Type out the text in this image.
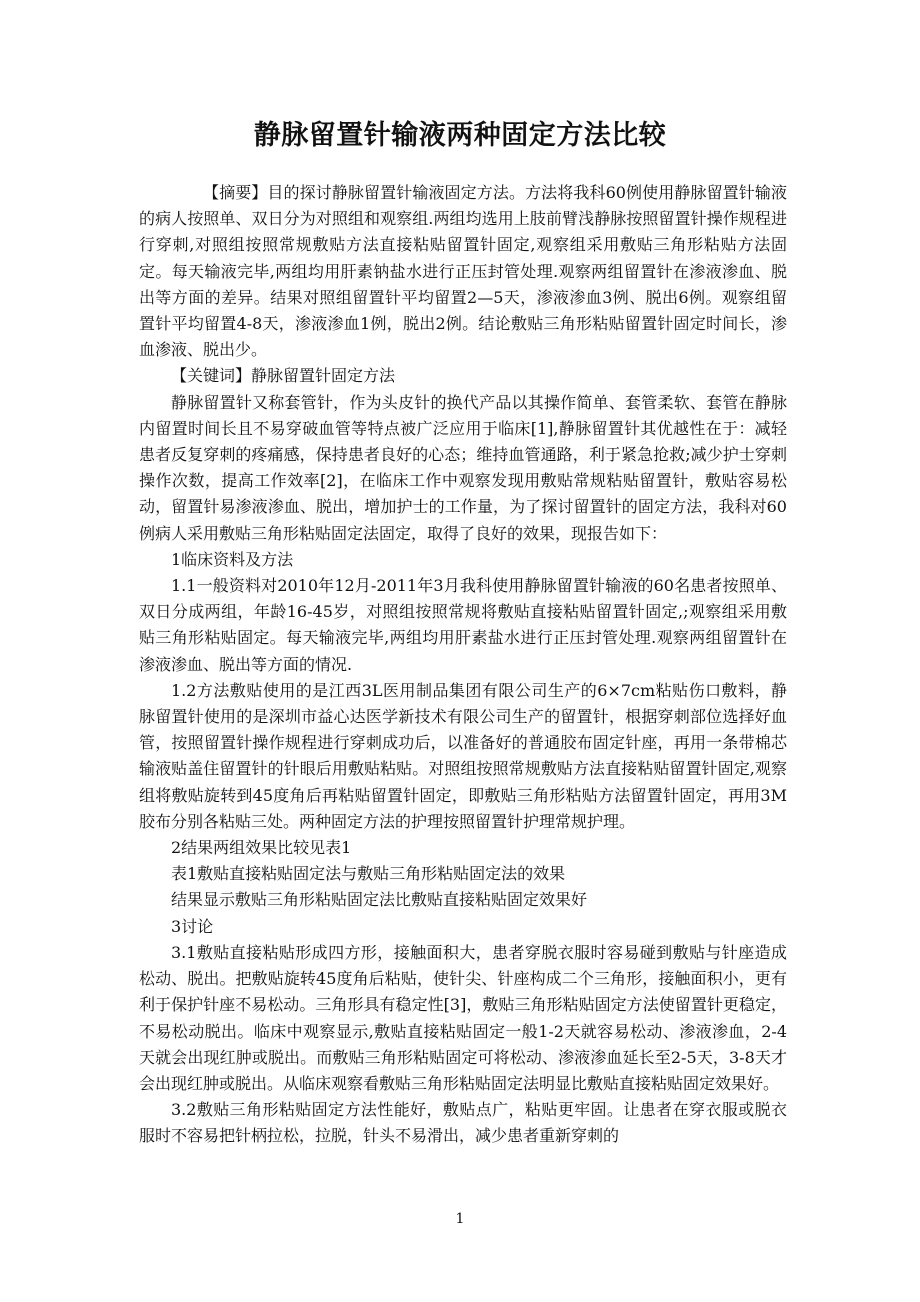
静脉留置针输液两种固定方法比较

【摘要】目的探讨静脉留置针输液固定方法。方法将我科60例使用静脉留置针输液的病人按照单、双日分为对照组和观察组.两组均选用上肢前臂浅静脉按照留置针操作规程进行穿刺,对照组按照常规敷贴方法直接粘贴留置针固定,观察组采用敷贴三角形粘贴方法固定。每天输液完毕,两组均用肝素钠盐水进行正压封管处理.观察两组留置针在渗液渗血、脱出等方面的差异。结果对照组留置针平均留置2—5天，渗液渗血3例、脱出6例。观察组留置针平均留置4-8天，渗液渗血1例，脱出2例。结论敷贴三角形粘贴留置针固定时间长，渗血渗液、脱出少。

【关键词】静脉留置针固定方法

静脉留置针又称套管针，作为头皮针的换代产品以其操作简单、套管柔软、套管在静脉内留置时间长且不易穿破血管等特点被广泛应用于临床[1],静脉留置针其优越性在于：减轻患者反复穿刺的疼痛感，保持患者良好的心态；维持血管通路，利于紧急抢救;减少护士穿刺操作次数，提高工作效率[2]，在临床工作中观察发现用敷贴常规粘贴留置针，敷贴容易松动，留置针易渗液渗血、脱出，增加护士的工作量，为了探讨留置针的固定方法，我科对60例病人采用敷贴三角形粘贴固定法固定，取得了良好的效果，现报告如下：

1临床资料及方法

1.1一般资料对2010年12月-2011年3月我科使用静脉留置针输液的60名患者按照单、双日分成两组，年龄16-45岁，对照组按照常规将敷贴直接粘贴留置针固定,;观察组采用敷贴三角形粘贴固定。每天输液完毕,两组均用肝素盐水进行正压封管处理.观察两组留置针在渗液渗血、脱出等方面的情况.

1.2方法敷贴使用的是江西3L医用制品集团有限公司生产的6×7cm粘贴伤口敷料，静脉留置针使用的是深圳市益心达医学新技术有限公司生产的留置针，根据穿刺部位选择好血管，按照留置针操作规程进行穿刺成功后，以准备好的普通胶布固定针座，再用一条带棉芯输液贴盖住留置针的针眼后用敷贴粘贴。对照组按照常规敷贴方法直接粘贴留置针固定,观察组将敷贴旋转到45度角后再粘贴留置针固定，即敷贴三角形粘贴方法留置针固定，再用3M胶布分别各粘贴三处。两种固定方法的护理按照留置针护理常规护理。

2结果两组效果比较见表1

表1敷贴直接粘贴固定法与敷贴三角形粘贴固定法的效果

结果显示敷贴三角形粘贴固定法比敷贴直接粘贴固定效果好

3讨论

3.1敷贴直接粘贴形成四方形，接触面积大，患者穿脱衣服时容易碰到敷贴与针座造成松动、脱出。把敷贴旋转45度角后粘贴，使针尖、针座构成二个三角形，接触面积小，更有利于保护针座不易松动。三角形具有稳定性[3]，敷贴三角形粘贴固定方法使留置针更稳定，不易松动脱出。临床中观察显示,敷贴直接粘贴固定一般1-2天就容易松动、渗液渗血，2-4天就会出现红肿或脱出。而敷贴三角形粘贴固定可将松动、渗液渗血延长至2-5天，3-8天才会出现红肿或脱出。从临床观察看敷贴三角形粘贴固定法明显比敷贴直接粘贴固定效果好。

3.2敷贴三角形粘贴固定方法性能好，敷贴点广，粘贴更牢固。让患者在穿衣服或脱衣服时不容易把针柄拉松，拉脱，针头不易滑出，减少患者重新穿刺的

1
